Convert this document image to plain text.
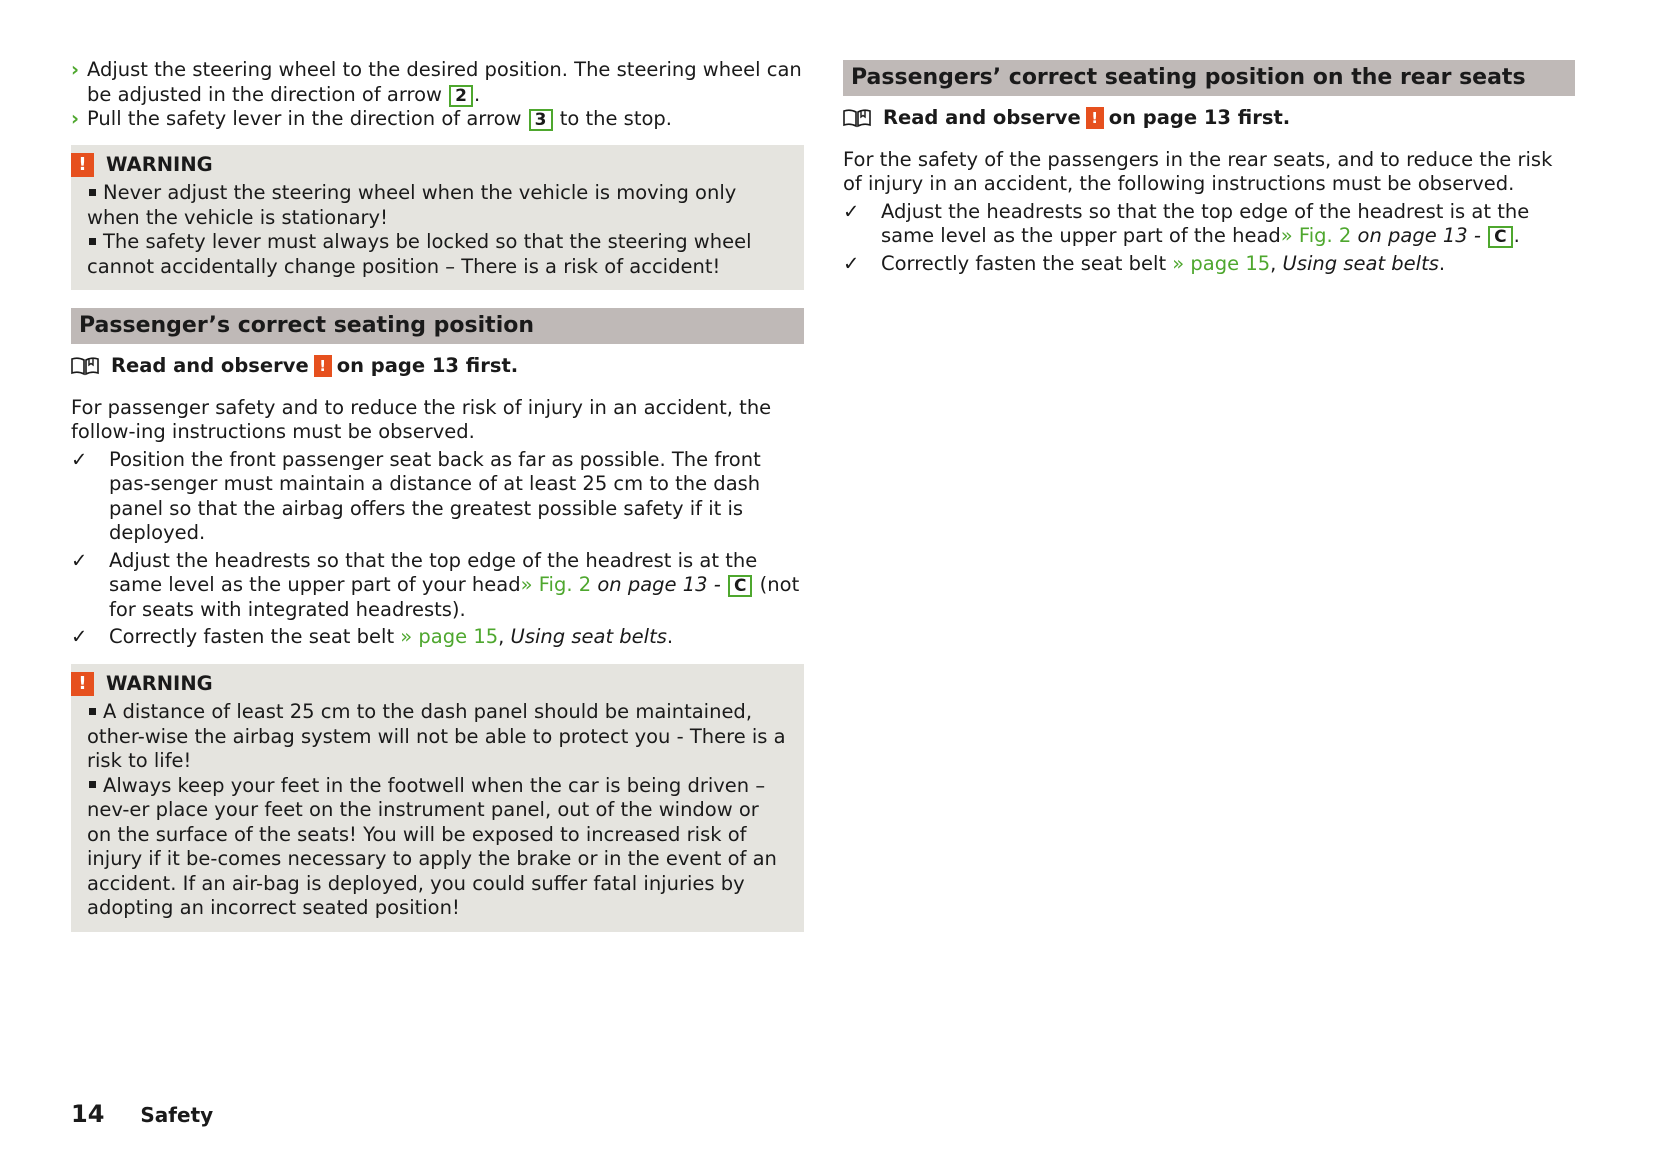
› Adjust the steering wheel to the desired position. The steering wheel can be adjusted in the direction of arrow 2 .
› Pull the safety lever in the direction of arrow 3 to the stop.
! WARNING

Never adjust the steering wheel when the vehicle is moving only when the vehicle is stationary!

The safety lever must always be locked so that the steering wheel cannot accidentally change position – There is a risk of accident!

Passenger’s correct seating position
Read and observe ! on page 13 first.

For passenger safety and to reduce the risk of injury in an accident, the follow-ing instructions must be observed.

✓ Position the front passenger seat back as far as possible. The front pas-senger must maintain a distance of at least 25 cm to the dash panel so that the airbag offers the greatest possible safety if it is deployed.
✓ Adjust the headrests so that the top edge of the headrest is at the same level as the upper part of your head» Fig. 2 on page 13 - C (not for seats with integrated headrests).
✓ Correctly fasten the seat belt » page 15, Using seat belts.
! WARNING

A distance of least 25 cm to the dash panel should be maintained, other-wise the airbag system will not be able to protect you - There is a risk to life!

Always keep your feet in the footwell when the car is being driven – nev-er place your feet on the instrument panel, out of the window or on the surface of the seats! You will be exposed to increased risk of injury if it be-comes necessary to apply the brake or in the event of an accident. If an air-bag is deployed, you could suffer fatal injuries by adopting an incorrect seated position!

Passengers’ correct seating position on the rear seats
Read and observe ! on page 13 first.

For the safety of the passengers in the rear seats, and to reduce the risk of injury in an accident, the following instructions must be observed.

✓ Adjust the headrests so that the top edge of the headrest is at the same level as the upper part of the head» Fig. 2 on page 13 - C .
✓ Correctly fasten the seat belt » page 15, Using seat belts.
14 Safety
